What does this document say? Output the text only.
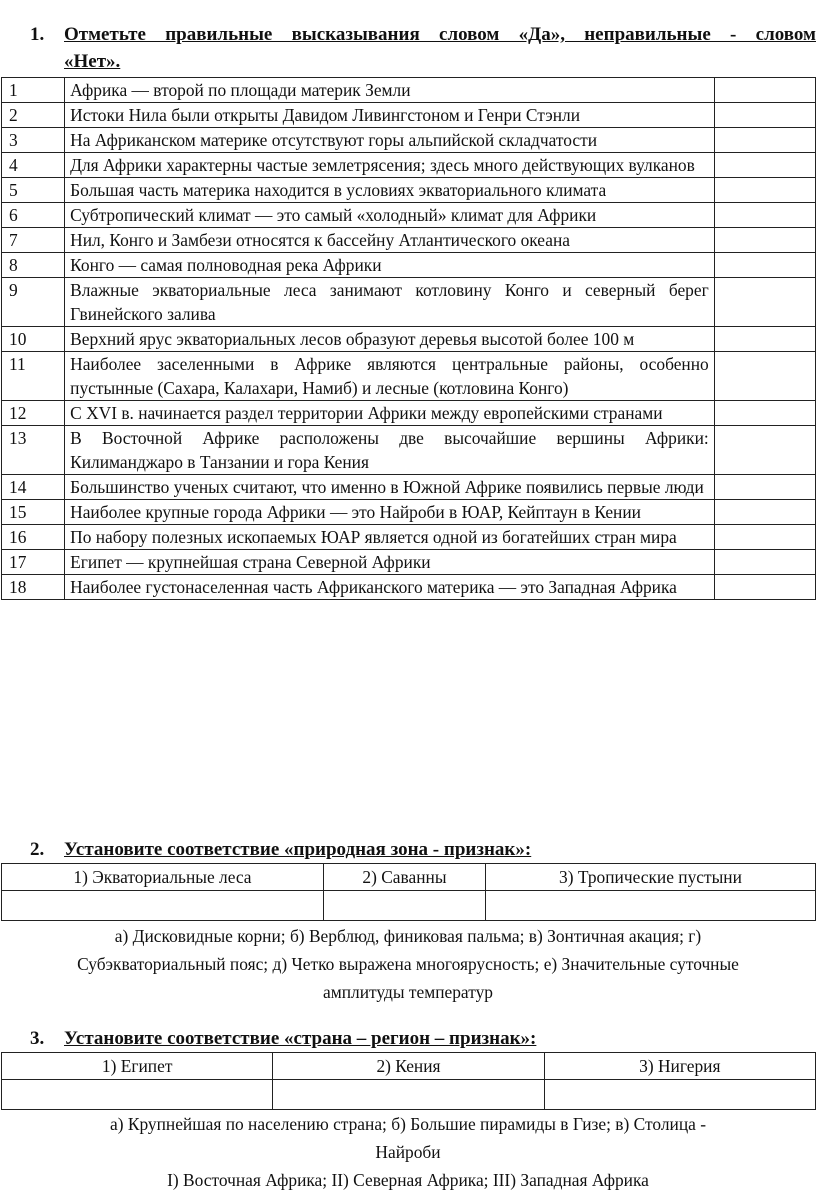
1.	Отметьте правильные высказывания словом «Да», неправильные - словом
«Нет».
1	Африка — второй по площади материк Земли	
2	Истоки Нила были открыты Давидом Ливингстоном и Генри Стэнли	
3	На Африканском материке отсутствуют горы альпийской складчатости	
4	Для Африки характерны частые землетрясения; здесь много действующих вулканов	
5	Большая часть материка находится в условиях экваториального климата	
6	Субтропический климат — это самый «холодный» климат для Африки	
7	Нил, Конго и Замбези относятся к бассейну Атлантического океана	
8	Конго — самая полноводная река Африки	
9	Влажные экваториальные леса занимают котловину Конго и северный берег Гвинейского залива	
10	Верхний ярус экваториальных лесов образуют деревья высотой более 100 м	
11	Наиболее заселенными в Африке являются центральные районы, особенно пустынные (Сахара, Калахари, Намиб) и лесные (котловина Конго)	
12	С XVI в. начинается раздел территории Африки между европейскими странами	
13	В Восточной Африке расположены две высочайшие вершины Африки: Килиманджаро в Танзании и гора Кения	
14	Большинство ученых считают, что именно в Южной Африке появились первые люди	
15	Наиболее крупные города Африки — это Найроби в ЮАР, Кейптаун в Кении	
16	По набору полезных ископаемых ЮАР является одной из богатейших стран мира	
17	Египет — крупнейшая страна Северной Африки	
18	Наиболее густонаселенная часть Африканского материка — это Западная Африка	
2. Установите соответствие «природная зона - признак»:
1) Экваториальные леса	2) Саванны	3) Тропические пустыни

а) Дисковидные корни; б) Верблюд, финиковая пальма; в) Зонтичная акация; г)
Субэкваториальный пояс; д) Четко выражена многоярусность; е) Значительные суточные
амплитуды температур
3. Установите соответствие «страна – регион – признак»:
1) Египет	2) Кения	3) Нигерия

а) Крупнейшая по населению страна; б) Большие пирамиды в Гизе; в) Столица -
Найроби
I) Восточная Африка; II) Северная Африка; III) Западная Африка
